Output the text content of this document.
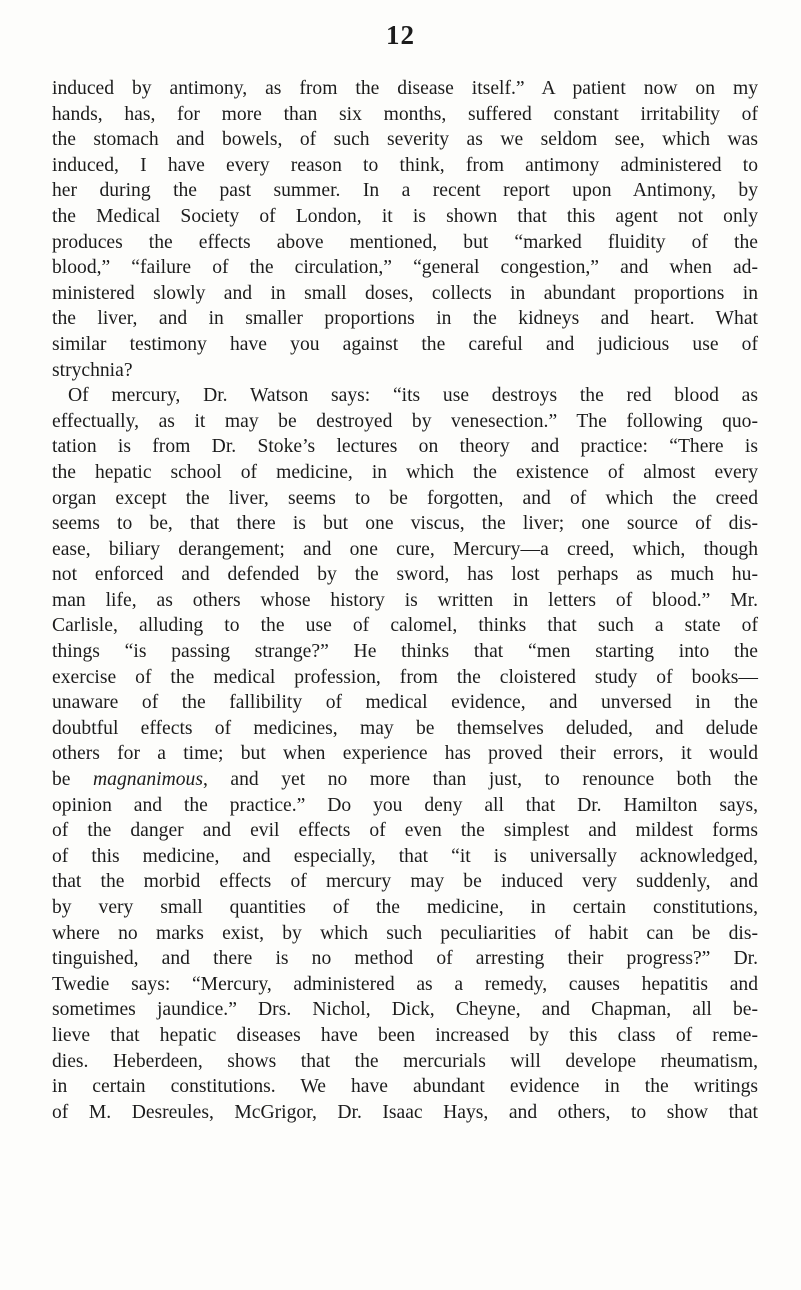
12
induced by antimony, as from the disease itself.” A patient now on my
hands, has, for more than six months, suffered constant irritability of
the stomach and bowels, of such severity as we seldom see, which was
induced, I have every reason to think, from antimony administered to
her during the past summer. In a recent report upon Antimony, by
the Medical Society of London, it is shown that this agent not only
produces the effects above mentioned, but “marked fluidity of the
blood,” “failure of the circulation,” “general congestion,” and when ad-
ministered slowly and in small doses, collects in abundant proportions in
the liver, and in smaller proportions in the kidneys and heart. What
similar testimony have you against the careful and judicious use of
strychnia?
Of mercury, Dr. Watson says: “its use destroys the red blood as
effectually, as it may be destroyed by venesection.” The following quo-
tation is from Dr. Stoke’s lectures on theory and practice: “There is
the hepatic school of medicine, in which the existence of almost every
organ except the liver, seems to be forgotten, and of which the creed
seems to be, that there is but one viscus, the liver; one source of dis-
ease, biliary derangement; and one cure, Mercury—a creed, which, though
not enforced and defended by the sword, has lost perhaps as much hu-
man life, as others whose history is written in letters of blood.” Mr.
Carlisle, alluding to the use of calomel, thinks that such a state of
things “is passing strange?” He thinks that “men starting into the
exercise of the medical profession, from the cloistered study of books—
unaware of the fallibility of medical evidence, and unversed in the
doubtful effects of medicines, may be themselves deluded, and delude
others for a time; but when experience has proved their errors, it would
be magnanimous, and yet no more than just, to renounce both the
opinion and the practice.” Do you deny all that Dr. Hamilton says,
of the danger and evil effects of even the simplest and mildest forms
of this medicine, and especially, that “it is universally acknowledged,
that the morbid effects of mercury may be induced very suddenly, and
by very small quantities of the medicine, in certain constitutions,
where no marks exist, by which such peculiarities of habit can be dis-
tinguished, and there is no method of arresting their progress?” Dr.
Twedie says: “Mercury, administered as a remedy, causes hepatitis and
sometimes jaundice.” Drs. Nichol, Dick, Cheyne, and Chapman, all be-
lieve that hepatic diseases have been increased by this class of reme-
dies. Heberdeen, shows that the mercurials will develope rheumatism,
in certain constitutions. We have abundant evidence in the writings
of M. Desreules, McGrigor, Dr. Isaac Hays, and others, to show that
